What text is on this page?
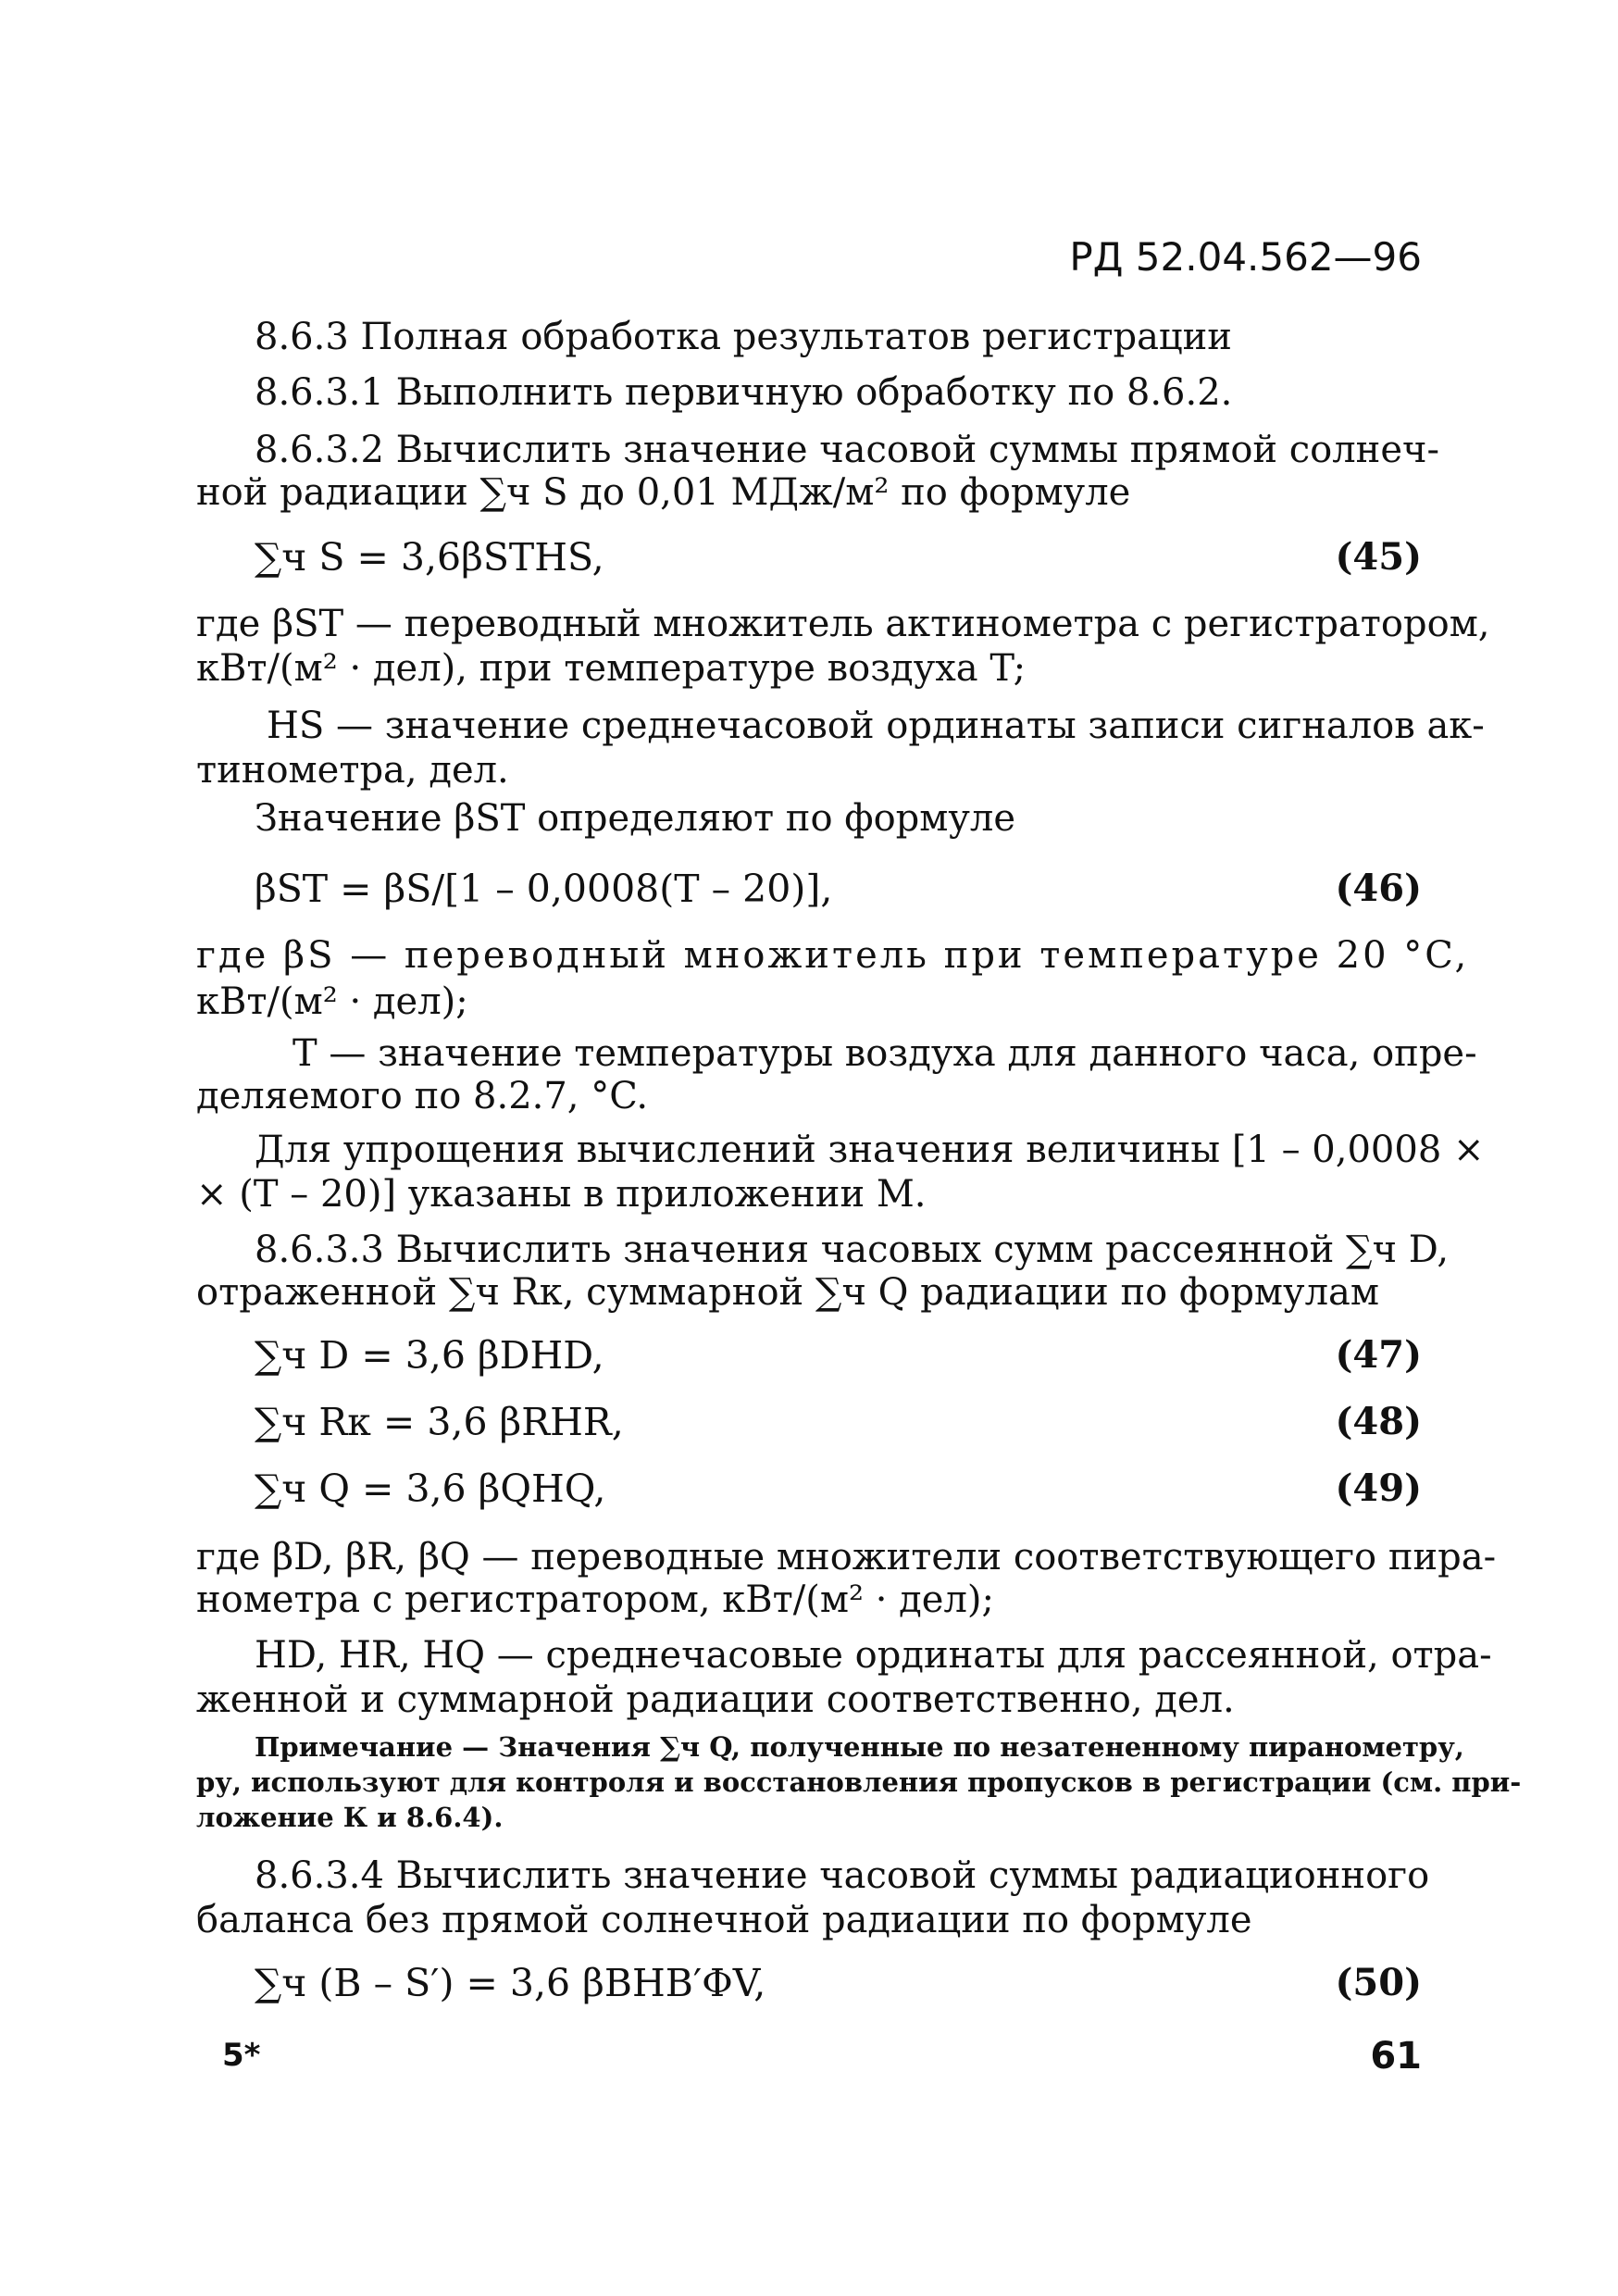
РД 52.04.562—96
8.6.3 Полная обработка результатов регистрации
8.6.3.1 Выполнить первичную обработку по 8.6.2.
8.6.3.2 Вычислить значение часовой суммы прямой солнеч-
ной радиации ∑ч S до 0,01 МДж/м² по формуле
∑ч S = 3,6βSTHS,	(45)
где βST — переводный множитель актинометра с регистратором,
кВт/(м² · дел), при температуре воздуха T;
HS — значение среднечасовой ординаты записи сигналов ак-
тинометра, дел.
Значение βST определяют по формуле
βST = βS/[1 – 0,0008(T – 20)],	(46)
где βS — переводный множитель при температуре 20 °C,
кВт/(м² · дел);
T — значение температуры воздуха для данного часа, опре-
деляемого по 8.2.7, °C.
Для упрощения вычислений значения величины [1 – 0,0008 ×
× (T – 20)] указаны в приложении М.
8.6.3.3 Вычислить значения часовых сумм рассеянной ∑ч D,
отраженной ∑ч Rк, суммарной ∑ч Q радиации по формулам
∑ч D = 3,6 βDHD,	(47)
∑ч Rк = 3,6 βRHR,	(48)
∑ч Q = 3,6 βQHQ,	(49)
где βD, βR, βQ — переводные множители соответствующего пира-
нометра с регистратором, кВт/(м² · дел);
HD, HR, HQ — среднечасовые ординаты для рассеянной, отра-
женной и суммарной радиации соответственно, дел.
Примечание — Значения ∑ч Q, полученные по незатененному пиранометру,
ру, используют для контроля и восстановления пропусков в регистрации (см. при-
ложение К и 8.6.4).
8.6.3.4 Вычислить значение часовой суммы радиационного
баланса без прямой солнечной радиации по формуле
∑ч (B – S′) = 3,6 βBHB′ΦV,	(50)
5*	61
